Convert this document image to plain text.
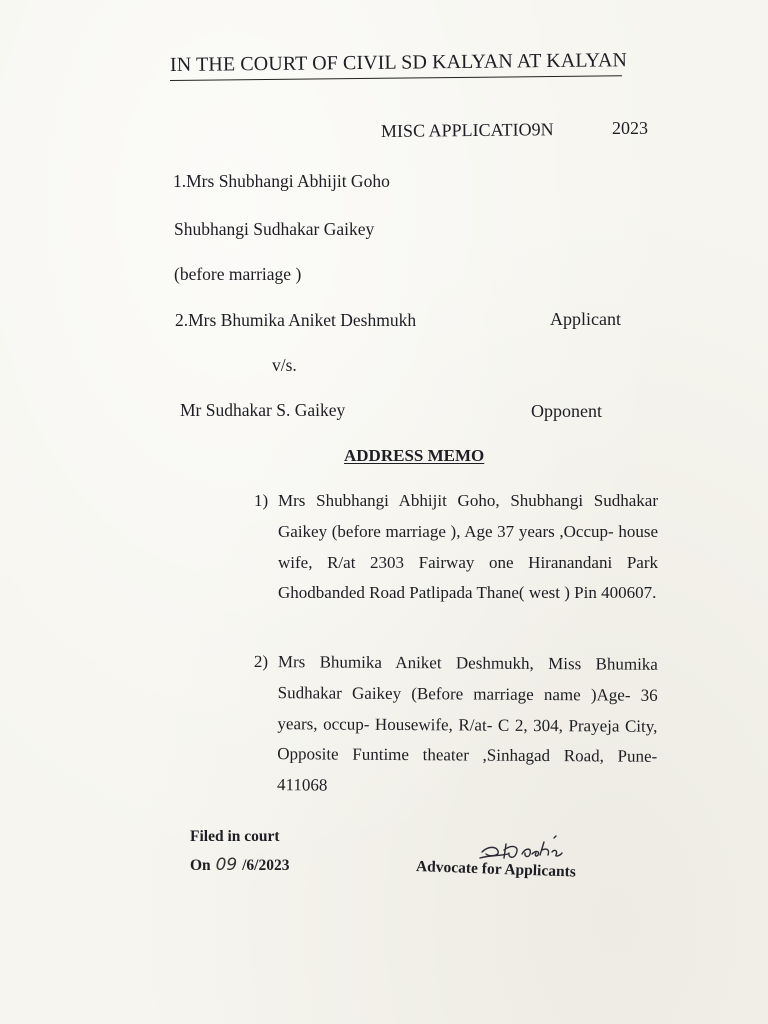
IN THE COURT OF CIVIL SD KALYAN AT KALYAN
MISC APPLICATIO9N	2023
1.Mrs Shubhangi Abhijit Goho
Shubhangi Sudhakar Gaikey
(before marriage )
2.Mrs Bhumika Aniket Deshmukh	Applicant
v/s.
Mr Sudhakar S. Gaikey	Opponent
ADDRESS MEMO
1) Mrs Shubhangi Abhijit Goho, Shubhangi Sudhakar Gaikey (before marriage ), Age 37 years ,Occup- house wife, R/at 2303 Fairway one Hiranandani Park Ghodbanded Road Patlipada Thane( west ) Pin 400607.
2) Mrs Bhumika Aniket Deshmukh, Miss Bhumika Sudhakar Gaikey (Before marriage name )Age- 36 years, occup- Housewife, R/at- C 2, 304, Prayeja City, Opposite Funtime theater ,Sinhagad Road, Pune- 411068
Filed in court
On 09 /6/2023	Advocate for Applicants
